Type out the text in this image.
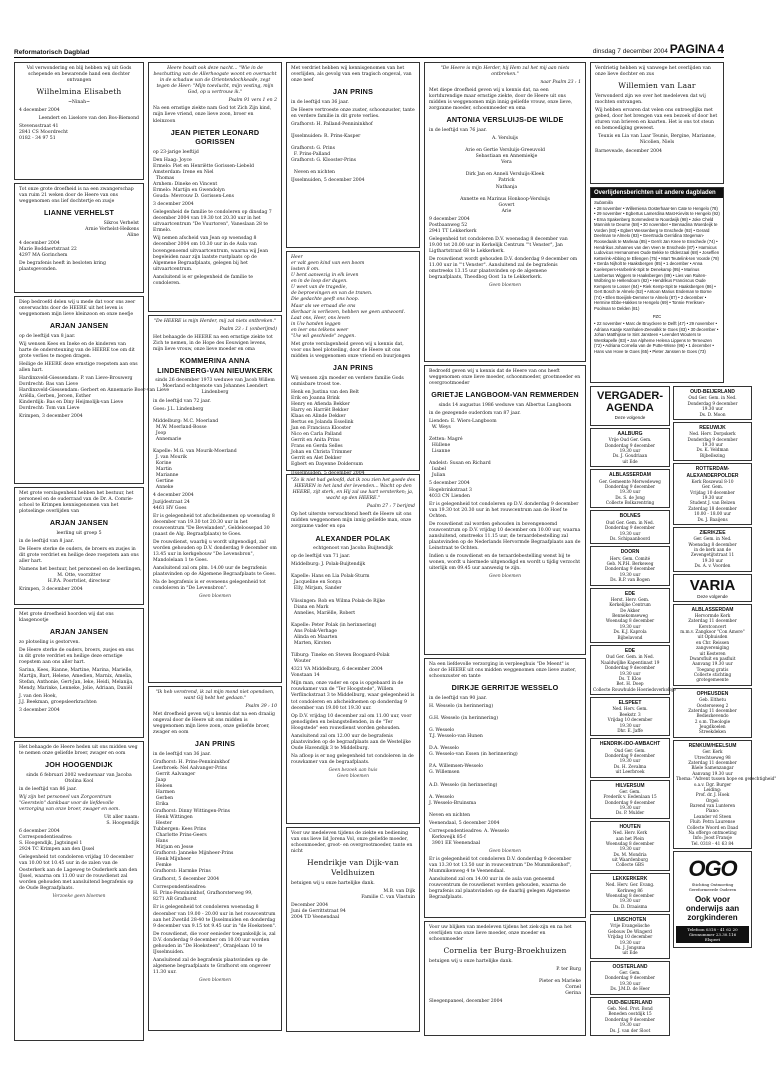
Reformatorisch Dagblad	dinsdag 7 december 2004 PAGINA 4

Vol verwondering en blij hebben wij uit Gods schepende en bewarende hand een dochter ontvangen

Wilhelmina Elisabeth

~Ninah~

4 december 2004

Leendert en Liselore van den Bos-Biemond

Stevensstraat 41
2841 CS Moordrecht
0182 - 34 97 51

Tot onze grote droefheid is na een zwangerschap van ruim 21 weken door de Heere van ons weggenomen ons lief dochtertje en zusje

LIANNE VERHELST

Sikros Verhelst
Arnie Verhelst-Heikens
Aline

4 december 2004
Marie Boddaertstraat 22
4297 MA Gorinchem

De begrafenis heeft in besloten kring plaatsgevonden.

Diep bedroefd delen wij u mede dat voor ons zeer onverwachts door de HEERE uit het leven is weggenomen mijn lieve kleinzoon en onze neefje

ARJAN JANSEN

op de leeftijd van 8 jaar.

Wij wensen Kees en Ineke en de kinderen van harte de ondersteuning van de HEERE toe om dit grote verlies te mogen dragen.

Heilige de HEERE deze ernstige roepstem aan ons allen hart.

Hardinxveld-Giessendam: P. van Lieve-Brouwerg
Dordrecht: Bas van Lieve
Hardinxveld-Giessendam: Gerbert en Annemarie Boer-van Lieve
Ariëlla, Gerben, Jeroen, Esther
Kinderdijk: Bas en Diny Heijmolijk-van Lieve
Dordrecht: Tom van Lieve

Krimpen, 3 december 2004

Met grote verslagenheid hebben het bestuur, het personeel en de ouderraad van de Dr. A. Comrie-school te Krimpen kennisgenomen van het plotselinge overlijden van

ARJAN JANSEN

leerling uit groep 5

in de leeftijd van 8 jaar.

De Heere sterke de ouders, de broers en zusjes in dit grote verdriet en heilige deze roepstem aan ons aller hart.

Namens het bestuur, het personeel en de leerlingen,
M. Otte, voorzitter
H.P.A. Poortvliet, directeur

Krimpen, 3 december 2004

Met grote droefheid hoorden wij dat ons klasgenootje

ARJAN JANSEN

zo plotseling is gestorven.

De Heere sterke de ouders, broers, zusjes en ons in dit grote verdriet en heilige deze ernstige roepstem aan ons aller hart.

Sarina, Kees, Rianne, Martine, Marina, Marielle, Martijn, Bart, Helene, Amedien, Marnix, Amelia, Stefan, Anthonie, Gert-Jan, Ieke, Heidi, Melanija, Mendy, Marinke, Lenneke, Jolie, Adriaan, Daniël

J. van den Hoek,
J.J. Beekman, groepsleerkrachten

3 december 2004

Het behaagde de Heere heden uit ons midden weg te nemen onze geliefde broer, zwager en oom

JOH HOOGENDIJK

sinds 6 februari 2002 weduwnaar van Jacoba Otolina Kool

in de leeftijd van 86 jaar.

Wij zijn het personeel van Zorgcentrum "Geerstein" dankbaar voor de liefdevolle verzorging van onze broer, zwager en oom.

Uit aller naam:
S. Hoogendijk

6 december 2004
Correspondentieadres:
S. Hoogendijk, Jagtsingel 1
2924 TC Krimpen aan den IJssel

Gelegenheid tot condoleren vrijdag 10 december van 10.00 tot 10.45 uur in de zalen van de Oosterkerk aan de Lageweg te Ouderkerk aan den IJssel, waarna om 11.00 uur de rouwdienst zal worden gehouden met aansluitend begrafenis op de Oude Begraafplaats.

Verzoeke geen bloemen

Heere houdt ook deze nacht... "Wie in de beschutting van de Allerhoogste woont en overnacht in de schaduw van de Orientendochkeade, zegt tegen de Heer: "Mijn toevlucht, mijn vesting, mijn God, op u vertrouw ik."

Psalm 91 vers 1 en 2

Na een ernstige ziekte nam God tot Zich Zijn kind, mijn lieve vriend, onze lieve zoon, broer en kleinzoon

JEAN PIETER LEONARD GORISSEN

op 23-jarige leeftijd

Den Haag: Joyce
Ermelo: Piet en Henriëtte Gorissen-Liebeld
Amsterdam: Irene en Niel
Thomas
Arnhem: Dineke en Vincent
Ermelo: Martijn en Gwendolyn
Gouda: Mevrouw D. Gorissen-Lens

3 december 2004

Gelegenheid de familie te condoleren op dinsdag 7 december 2004 van 19.30 tot 20.30 uur in het uitvaartcentrum "De Vuurtoren", Vaneslaan 28 te Ermelo.

Wij nemen afscheid van Jean op woensdag 8 december 2004 om 10.30 uur in de Aula van bovengenoemd uitvaartcentrum, waarna wij Jean begeleiden naar zijn laatste rustplaats op de Algemene Begraafplaats, gelegen bij het uitvaartcentrum.

Aansluitend is er gelegenheid de familie te condoleren.

"De HEERE is mijn Herder, mij zal niets ontbreken."

Psalm 23 : 1 (onberijmd)

Het behaagde de HEERE na een ernstige ziekte tot Zich te nemen, in de Hope des Eeuwigen levens, mijn lieve vrouw, onze lieve moeder en oma

KOMMERINA ANNA LINDENBERG-VAN NIEUWKERK

sinds 26 december 1973 weduwe van Jacob Willem Moerland echtgenote van Johannes Leendert Lindenberg

in de leeftijd van 72 jaar.

Goes: J.L. Lindenberg

Middelburg: M.C. Moerland
M.W. Moerland-Bosse
Joop
Annemarie

Kapelle: M.G. van Mourik-Moerland
J. van Mourik
Korine
Martin
Marianne
Gertine
Anneke

4 december 2004
Juzijdestraat 24
4461 HV Goes

Er is gelegenheid tot afscheidnemen op woensdag 8 december van 19.30 tot 20.30 uur in het rouwcentrum "De Bevelanden", Geldeloosepad 30 (naast de Alg. Begraafplaats) te Goes.

De rouwdienst, waarbij u wordt uitgenodigd, zal worden gehouden op D.V. donderdag 9 december om 13.45 uur in kerkgebouw "De Levensbron", Mandolelaan 1 te Goes.

Aansluitend zal om plm. 14.00 uur de begrafenis plaatsvinden op de Algemene Begraafplaats te Goes.

Na de begrafenis is er eveneens gelegenheid tot condoleren in "De Levensbron".

Geen bloemen

"Ik heb verotrend, ik zal mijn mond niet opendoen, want Gij hebt het gedaan."

Psalm 39 : 10

Met droefheid geven wij u kennis dat na een draaiig ongeval door de Heere uit ons midden is weggenomen mijn lieve zoon, onze geliefde broer, zwager en oom

JAN PRINS

in de leeftijd van 36 jaar.

Grafhorst: H. Prins-Pennininkhof
Leerbroek: Nel Aalvanger-Prins
Gerrit Aalvanger
Jaap
Heleen
Harmen
Gerben
Erika
Grafhorst: Dinny Wittingen-Prins
Henk Wittingen
Hester
Tubbergen: Kees Prins
Charlotte Prins-Geers
Hans
Mirjam en Jesse
Grafhorst: Janneke Mijnheer-Prins
Henk Mijnheer
Femke
Grafhorst: Harmke Prins

Grafhorst, 5 december 2004

Correspondentieadres:
H. Prins-Pennininkhof, Grafhorsterweg 99,
8271 AB Grafhorst

Er is gelegenheid tot condoleren woensdag 8 december van 19.00 - 20.00 uur in het rouwcentrum aan het Zwetild 28-40 te IJsselmuiden en donderdag 9 december van 9.15 tot 9.45 uur in "de Hoeksteen".

De rouwdienst, die voor eenieder toegankelijk is, zal D.V. donderdag 9 december om 10.00 uur worden gehouden in "De Hoeksteen", Oranjelaan 10 te IJsselmuiden.

Aansluitend zal de begrafenis plaatsvinden op de algemene begraafplaats te Grafhorst om ongeveer 11.30 uur.

Geen bloemen

Met verdriet hebben wij kennisgenomen van het overlijden, als gevolg van een tragisch ongeval, van onze neef

JAN PRINS

in de leeftijd van 36 jaar.

De Heere vertroeste onze zuster, schoonzuster, tante en verdere familie in dit grote verlies.

Grafhorst: H. Palland-Pennininkhof

IJsselmuiden: R. Prins-Kasper

Grafhorst: G. Prins
F. Prins-Palland
Grafhorst: G. Klooster-Prins

Neven en nichten

IJsselmuiden, 5 december 2004

Heer
er valt geen kind van een boom
losten 8 om.
U bent aanwezig in elk leven
en in de loop der dagen.
U weet van de tragedie,
de beproevingen en van de tranen.
Die gedachte geeft ons hoop.
Maar als we ernaad die ons
dierbaar is verliezen, hebben we geen antwoord.
Laat ons, Heer, ons leven
in Uw handen leggen
en leer ons telkens weer
"Uw wil geschiede" zeggen.

Met grote verslagenheid geven wij u kennis dat, voor ons heel plotseling, door de Heere uit ons midden is weggenomen onze vriend en buurjongen

JAN PRINS

Wij wensen zijn moeder en verdere familie Gods onmisbare troost toe.

Henk en Justina van den Belt
Erik en Joanna Brink
Henry en Afienda Bekker
Harry en Harriët Bekker
Klaas en Alinde Dekker
Bertus en Jolanda Esselink
Jan en Francisca Klooster
Nico en Carla Palland
Gerrit en Anita Prins
Frans en Gerda Selles
Johan en Christa Trimmer
Gerrit en Alet Dekker
Egbert en Dayenne Doldersum

IJsselmuiden, 5 december 2004

"Zo ik niet had geloofd, dat ik zou zien het goede des HEEREN in het land der levenden... Wacht op den HEERE, zijt sterk, en Hij zal uw hart versterken; ja, wacht op den HEERE."

Psalm 27 : 7 berijmd

Op het uiterste verwachtend heeft de Heere uit ons midden weggenomen mijn innig geliefde man, onze zorgzame vader en opa

ALEXANDER POLAK

echtgenoot van Jacoba Buijtendijk

op de leeftijd van 71 jaar.

Middelburg: J. Polak-Buijtendijk

Kapelle: Hans en Lia Polak-Sturm
Jacqueline en Sonya
Elly, Mirjam, Sander

Vlissingen: Rob en Wilma Polak-de Rijke
Diana en Mark
Annelies, Mariëlle, Robert

Kapelle: Peter Polak (in herinnering)
Ans Polak-Verhage
Alinda en Maarten
Marten, Kirsten

Tilburg: Tineke en Steven Boogaard-Polak
Wouter

4321 VA Middelburg, 6 december 2004
Vonstaan 14

Mijn man, onze vader en opa is opgebaard in de rouwkamer van de "Ter Hoogstede", Willem Verflinckstraat 3 te Middelburg, waar gelegenheid is tot condoleren en afscheidnemen op donderdag 9 december van 19.00 tot 19.30 uur.

Op D.V. vrijdag 10 december zal om 11.00 uur, voor genodigden en belangstellenden, in de "Ter Hoogstede" een rouwdienst worden gehouden.

Aansluitend zal om 12.00 uur de begrafenis plaatsvinden op de begraafplaats aan de Westelijke Oude Havendijk 3 te Middelburg.

Na afloop is er nog gelegenheid tot condoleren in de rouwkamer van de begraafplaats.

Geen bezoek aan huis
Geen bloemen

Voor uw medeleven tijdens de ziekte en bediening van ons lieve lid Jorena Vol, onze geliefde moeder, schoonmoeder, groot- en overgrootmoeder, tante en nicht

Hendrikje van Dijk-van Veldhuizen

betuigen wij u onze hartelijke dank.

M.B. van Dijk
Familie C. van Vlastuin

December 2004
Juni de Gerrittstraat 94
2004 TD Veenendaal

"De Heere is mijn Herder, hij Hem zal het mij aan niets ontbreken."

naar Psalm 23 : 1

Met diepe droefheid geven wij u kennis dat, na een kortdurendige maar ernstige ziekte, door de Heere uit ons midden is weggenomen mijn innig geliefde vrouw, onze lieve, zorgzame moeder, schoonmoeder en oma

ANTONIA VERSLUIJS-DE WILDE

in de leeftijd van 76 jaar.

A. Versluijs

Arie en Gertie Versluijs-Greeuvold
Sebastiaan en Annemiekje
Vera

Dirk Jan en Anneli Versluijs-Kleek
Patrick
Nathanja

Annette en Marinus Honkoop-Versluijs
Govert
Arie

9 december 2004
Postbaanweg 52
2941 TT Lekkerkerk

Gelegenheid tot condoleren D.V. woensdag 8 december van 19.00 tot 20.00 uur in Kerkelijk Centrum "'t Venster", Jan Ligthartstraat 68 te Lekkerkerk.

De rouwdienst wordt gehouden D.V. donderdag 9 december om 11.00 uur in "'t Venster". Aansluitend zal de begrafenis omstreeks 13.15 uur plaatsvinden op de algemene begraafplaats, Theodbog Oost 1a te Lekkerkerk.

Geen bloemen

Bedroefd geven wij u kennis dat de Heere van ons heeft weggenomen onze lieve moeder, schoonmoeder, grootmoeder en overgrootmoeder

GRIETJE LANGBOOM-VAN REMMERDEN

sinds 14 augustus 1986 weduwe van Albertus Langboom

in de gezegende ouderdom van 87 jaar.

Lienden: E. Wiers-Langboom
W. Weys

Zetten: Magré
Hüllene
Lisanne

Andelst: Susan en Richard
Isabel
Julian

5 december 2004
Hogebrinkstraat 3
4033 CN Lienden

Er is gelegenheid tot condoleren op D.V. donderdag 9 december van 19.30 tot 20.30 uur in het rouwcentrum aan de Hoef te Ochten.

De rouwdienst zal worden gehouden in bovengenoemd rouwcentrum op D.V. vrijdag 10 december om 10.00 uur, waarna aansluitend, omstreeks 11.15 uur, de teraardebestelling zal plaatsvinden op de Nederlands Hervormde Begraafplaats aan de Leinstraat te Ochten.

Indien u de rouwdienst en de teraardebestelling wenst bij te wonen, wordt u hiermede uitgenodigd en wordt u tijdig verzocht uiterlijk om 09.45 uur aanwezig te zijn.

Geen bloemen

Na een liefdevolle verzorging in verpleeghuis "De Meent" is door de HEERE uit ons midden weggenomen onze lieve zuster, schoonzuster en tante

DIRKJE GERRITJE WESSELO

in de leeftijd van 90 jaar.

H. Wesselo (in herinnering)

G.H. Wesselo (in herinnering)

G. Wesselo
T.J. Wesselo-van Hunen

D.A. Wesselo
G. Wesselo-van Essen (in herinnering)

P.A. Willemsen-Wesselo
G. Willemsen

A.D. Wesselo (in herinnering)

A. Wesselo
J. Wesselo-Bruinsma

Neven en nichten

Veenendaal, 5 december 2004

Correspondentieadres: A. Wesselo
Kerkweijk 85-f
3901 EE Veenendaal

Geen bloemen

Er is gelegenheid tot condoleren D.V. donderdag 9 december van 13.30 tot 13.50 uur in rouwcentrum "De Mummikenhof", Mummikenweg 4 te Veenendaal.

Aansluitend zal om 14.00 uur in de aula van genoemd rouwcentrum de rouwdienst worden gehouden, waarna de begrafenis zal plaatsvinden op de daarbij gelegen Algemene Begraafplaats.

Voor uw blijken van medeleven tijdens het ziek-zijn en na het overlijden van onze lieve moeder, onze moeder en schoonmoeder

Cornelia ter Burg-Broekhuizen

betuigen wij u onze hartelijke dank.

P. ter Burg

Pieter en Marieke
Cornel
Gerina

Sleegenpaneel, december 2004

Verdrietig hebben wij vanwege het overlijden van onze lieve dochter en zus

Willemien van Laar

Verwonderd zijn we over het medeleven dat wij mochten ontvangen.

Wij hebben ervaren dat velen ons ontroeglijks met gebed, door het brengen van een bezoek of door het sturen van brieven en kaarten. Het is ons tot steun en bemoediging geweest.

Teunis en Lia van Laar Teunis, Bergine, Marianne, Nicolien, Niels

Barneveade, december 2004

Overlijdensberichten uit andere dagbladen

Subamilia

• 28 november • Willemiena Oosterhaar-ten Cate te Hengelo (78) • 29 november • Egbertus Lamerdina Mast-Kievits te Hengelo (92) • Erna Spakenberg Sommedest te Noordwijk (98) • Joke Cheld Mannink te Deurne (58) • 30 november • Bennadina Woerdeijk te Vorden (83) • Egbert Wessenberg te Enschede (92) • Gerard Deelman te Almelo (83) • Geertruida Gerridina Stegeman-Roosedaals te Marleaa (85) • Gerrit Jan Knee te Enschede (74) • Hendrikus Johannes van den Veen te Enschede (87) • Harmicus Ludovicus Hernanomes Oude Bekke te Oldenzaal (68) • Joseffien Ketterink-Abbing te Ellengen (75) • Mart Teutelink-ten Voorde (78) • Gerda Nijholt te Haaksbergen (85) • 1 december • Anna Koelenpers-Harberink-Spit te Denekamp (95) • Marinus Lambertus Wiggers te Haaksbergen (89) • Lies van Ruiten-Wolbring te Hellendoorn (82) • Hendrikus Franciscus Oude Kempers te Losser (84) • Riek Kemp-Spit te Haaksbergen (86) • Gert Bosch te Almelo (52) • Antoon Marius Endeman te Borne (74) • Ellen Boeijink-Demmer te Almelo (87) • 2 december • Hermine Ebbe-Hakkes te Hengelo (69) • Tonnie Freriksen-Poolman te Delden (81)

PZC

• 22 november • Marc de Bruyckere te Delft (47) • 29 november • Adriana Kaatje Karnhalen-Zeevalkk te Goes (83) • 30 december • Johan Matthijsse te Sint Jansteen • Leendert Wouters te Westkapelle (83) • Jan Alpheme Helena Lippens te Terneuzen (72) • Adriana Cornelia van de Putte-Wisse (96) • 1 december • Hans van Hove te Goes (65) • Pieter Janssen te Goes (73)

VERGADER-AGENDA
Deze volgende
AALBURG
Vrije Oud Ger. Gem.
Donderdag 9 december
19.30 uur
Ds. J. Goudriaan
uit Ede
ALBLASSERDAM
Ger. Gemeente Merwedeweg
Donderdag 9 december
19.30 uur
Ds. S. de Jong
Collecte Bolkarentring
BOLNES
Oud Ger. Gem. in Ned.
Donderdag 9 december
19.30 uur
Ds. Schipaanboord
DOORN
Herv. Gem. Comité
Geb. N.P.H. Berkeweg
Donderdag 9 december
19.30 uur
Ds. R.P. van Bogen
EDE
Herst. Herv. Gem.
Kerkelijke Centrum
De Akker
Bennekomseweg
Woensdag 8 december
19.30 uur
Ds. K.J. Kaprola
Bijbelavond
EDE
Oud Ger. Gem. in Ned.
Naaldwijlke Kapentinast 19
Donderdag 9 december
19.30 uur
Ds. T. Kloo
Bet. H. Doep
Collecte Rouwhulde Hoeriedsverkoloje
ELSPEET
Ned. Herv. Gem.
Beekstr. 3
Vrijdag 10 december
19.30 uur
Dhr. E. Jaffe
HENDRIK-IDO-AMBACHT
Oud Ger. Gem.
Donderdag 9 december
19.30 uur
Ds. H. Zevalma
uit Leerbroek
HILVERSUM
Ger. Gem.
Frederik v. Eedenlaan 15
Donderdag 9 december
19.30 uur
Ds. P. Mulder
HOUTEN
Ned. Herv. Kerk
aan het Plein
Woensdag 8 december
19.30 uur
Ds. M. Mondria
uit Waardenburg
Collecte GBS
LEKKERKERK
Ned. Herv. Ger. Evang.
Kerkweg 86
Woensdag 8 december
19.30 uur
Ds. D. Draaisma
LINSCHOTEN
Vrije Evangelische
Gebouw De Wingerd
Vrijdag 10 december
19.30 uur
Ds. J. Jongsma
uit Ede
OOSTERLAND
Ger. Gem.
Donderdag 9 december
19.30 uur
Ds. J.M.D. de Heer
OUD-BEIJERLAND
Geb. Ned. Prot. Bond
Beneden oostdijk 15
Donderdag 9 december
19.30 uur
Ds. J. van der Sloot
OUD-BEIJERLAND
Oud Ger. Gem. in Ned.
Donderdag 9 december
19.30 uur
Ds. D. Moon
REEUWIJK
Ned. Herv. Dorpskerk
Donderdag 9 december
19.30 uur
Ds. K. Veldman
Bijbellezing
ROTTERDAM-ALEXANDERPOLDER
Kerk Roszewal 8-10
Ger. Gem.
Vrijdag 10 december
19.30 uur
Student J. van Belzen
Zaterdag 18 december
10.00 - 18.00 uur
Ds. J. Baaijens
ZIERIKZEE
Ger. Gem. in Ned.
Woensdag 8 december
in de kerk aan de
Zevengetijtstraat 11
19.30 uur
Ds. A. v. Voorden
VARIA
Deze volgende
ALBLASSERDAM
Hervormde Kerk
Zaterdag 11 december
Kerstconcert
m.m.v. Zangkoor "Con Amore"
uit Ophuisden
en Chr. Reissen
zangvereniging
uit Kesteren
Dwarsfluit en pasfluit
Aanvang 19.30 uur
Toegang gratis
Collecte stichting
grotegemeente
OPHEUSDEN
Geb. Elthetu
Oosterseweg 2
Zaterdag 11 december
Bediezkevendo
2 o.m. Theologie
Jeugdkoelen
Streekdeken
RENKUM/HEELSUM
Ger. Kerk
Utrechtseweg 98
Zaterdag 11 december
Bäele Samenzangar
Aanvang 19.30 uur
Thema: "Advent tussen hope en gerechtigheid"
o.a.v. Dgr. Burger
Leiding:
Prof. dr. J. Hoek
Orgel:
Barend van Lunteren
Piano:
Leander vd Steen
Fluit: Petra Laurense
Collecte Woord en Daad
Na offergo ontmoeting
Info: Joost Fransje
Tel. 0318 - 41 63 84
OGO
Stichting Ontmoeting
Gereformeerde Ouderen
Ook voor onderwijs aan zorgkinderen
Telefoon 0318 - 41 62 20
Gironummer 23.30.116
Elspeet
